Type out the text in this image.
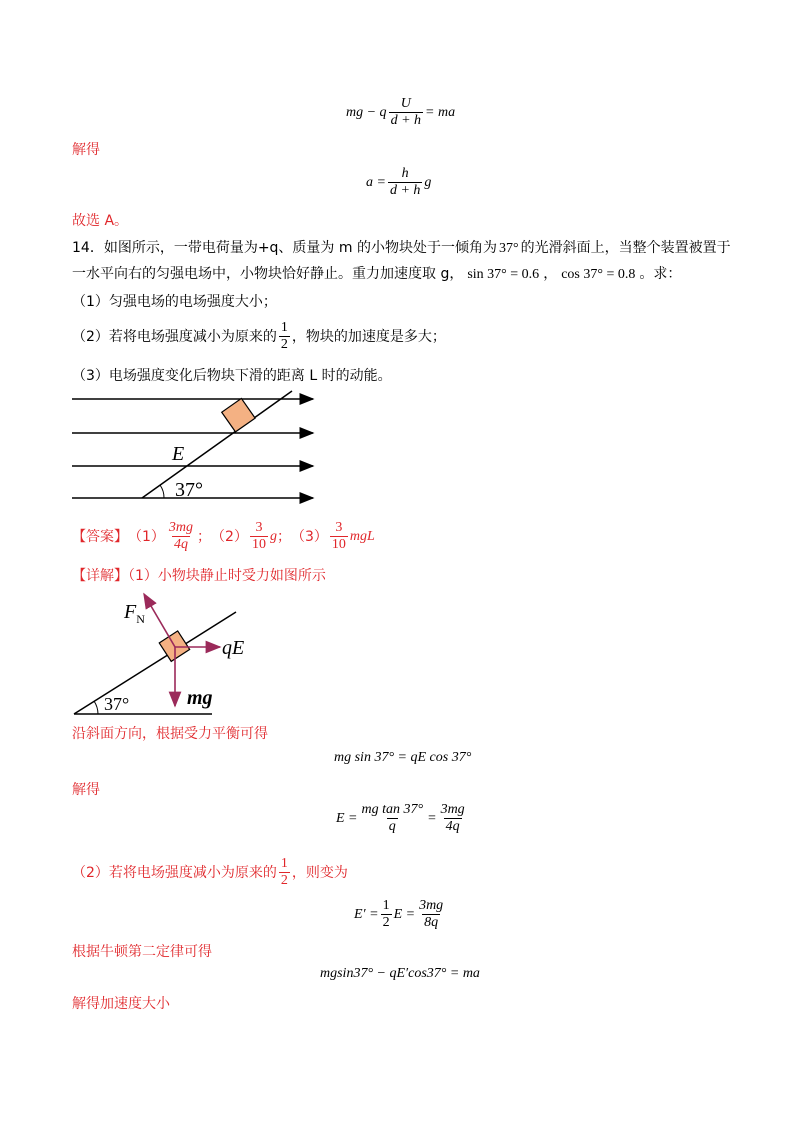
mg − q $\frac{U}{d + h}$ = ma
解得
$a = \frac{h}{d + h}$ g
故选 A。
14．如图所示，一带电荷量为+q、质量为 m 的小物块处于一倾角为 37° 的光滑斜面上，当整个装置被置于
一水平向右的匀强电场中，小物块恰好静止。重力加速度取 g， sin 37° = 0.6 ， cos 37° = 0.8 。求：
（1）匀强电场的电场强度大小；
（2）若将电场强度减小为原来的 $\frac{1}{2}$ ，物块的加速度是多大；
（3）电场强度变化后物块下滑的距离 L 时的动能。
E
37°
【答案】 $(1) \frac{3mg}{4q}$ ； $(2) \frac{3}{10}$ g ； $(3) \frac{3}{10}$ mgL
【详解】（1）小物块静止时受力如图所示
$F_N$
qE
mg
37°
沿斜面方向，根据受力平衡可得
mg sin 37° = qE cos 37°
解得
$E = \frac{\text{mg tan 37°}}{q} = \frac{3mg}{4q}$
（2）若将电场强度减小为原来的 $\frac{1}{2}$ ，则变为
$E' = \frac{1}{2}$ $E = \frac{3mg}{8q}$
根据牛顿第二定律可得
mgsin37° − qE′cos37° = ma
解得加速度大小
